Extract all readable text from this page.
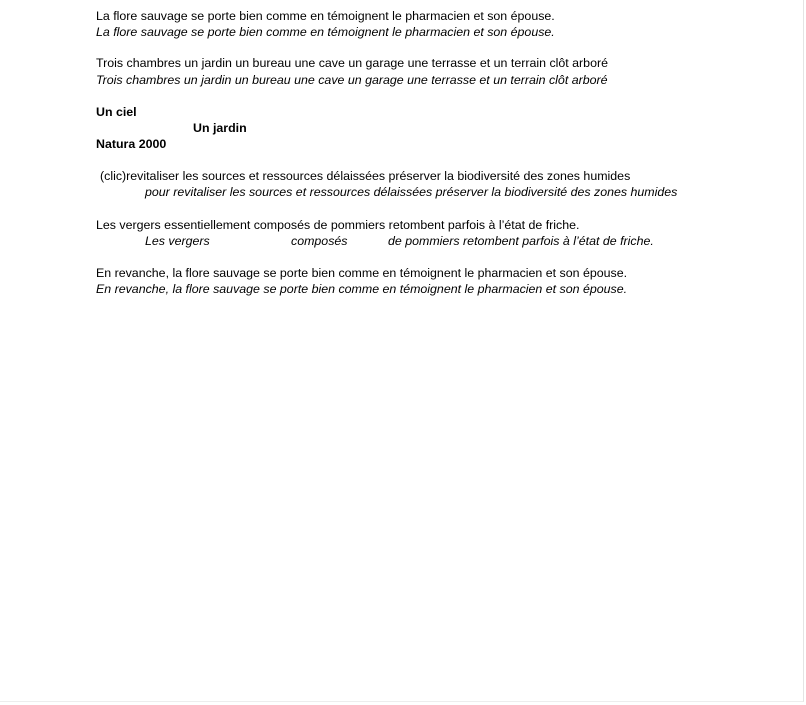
La flore sauvage se porte bien comme en témoignent le pharmacien et son épouse.
La flore sauvage se porte bien comme en témoignent le pharmacien et son épouse.
Trois chambres un jardin un bureau une cave un garage une terrasse et un terrain clôt arboré
Trois chambres un jardin un bureau une cave un garage une terrasse et un terrain clôt arboré
Un ciel
Un jardin
Natura 2000
(clic)revitaliser les sources et ressources délaissées préserver la biodiversité des zones humides
pour revitaliser les sources et ressources délaissées préserver la biodiversité des zones humides
Les vergers essentiellement composés de pommiers retombent parfois à l’état de friche.
Les vergers	composés	de pommiers retombent parfois à l’état de friche.
En revanche, la flore sauvage se porte bien comme en témoignent le pharmacien et son épouse.
En revanche, la flore sauvage se porte bien comme en témoignent le pharmacien et son épouse.
